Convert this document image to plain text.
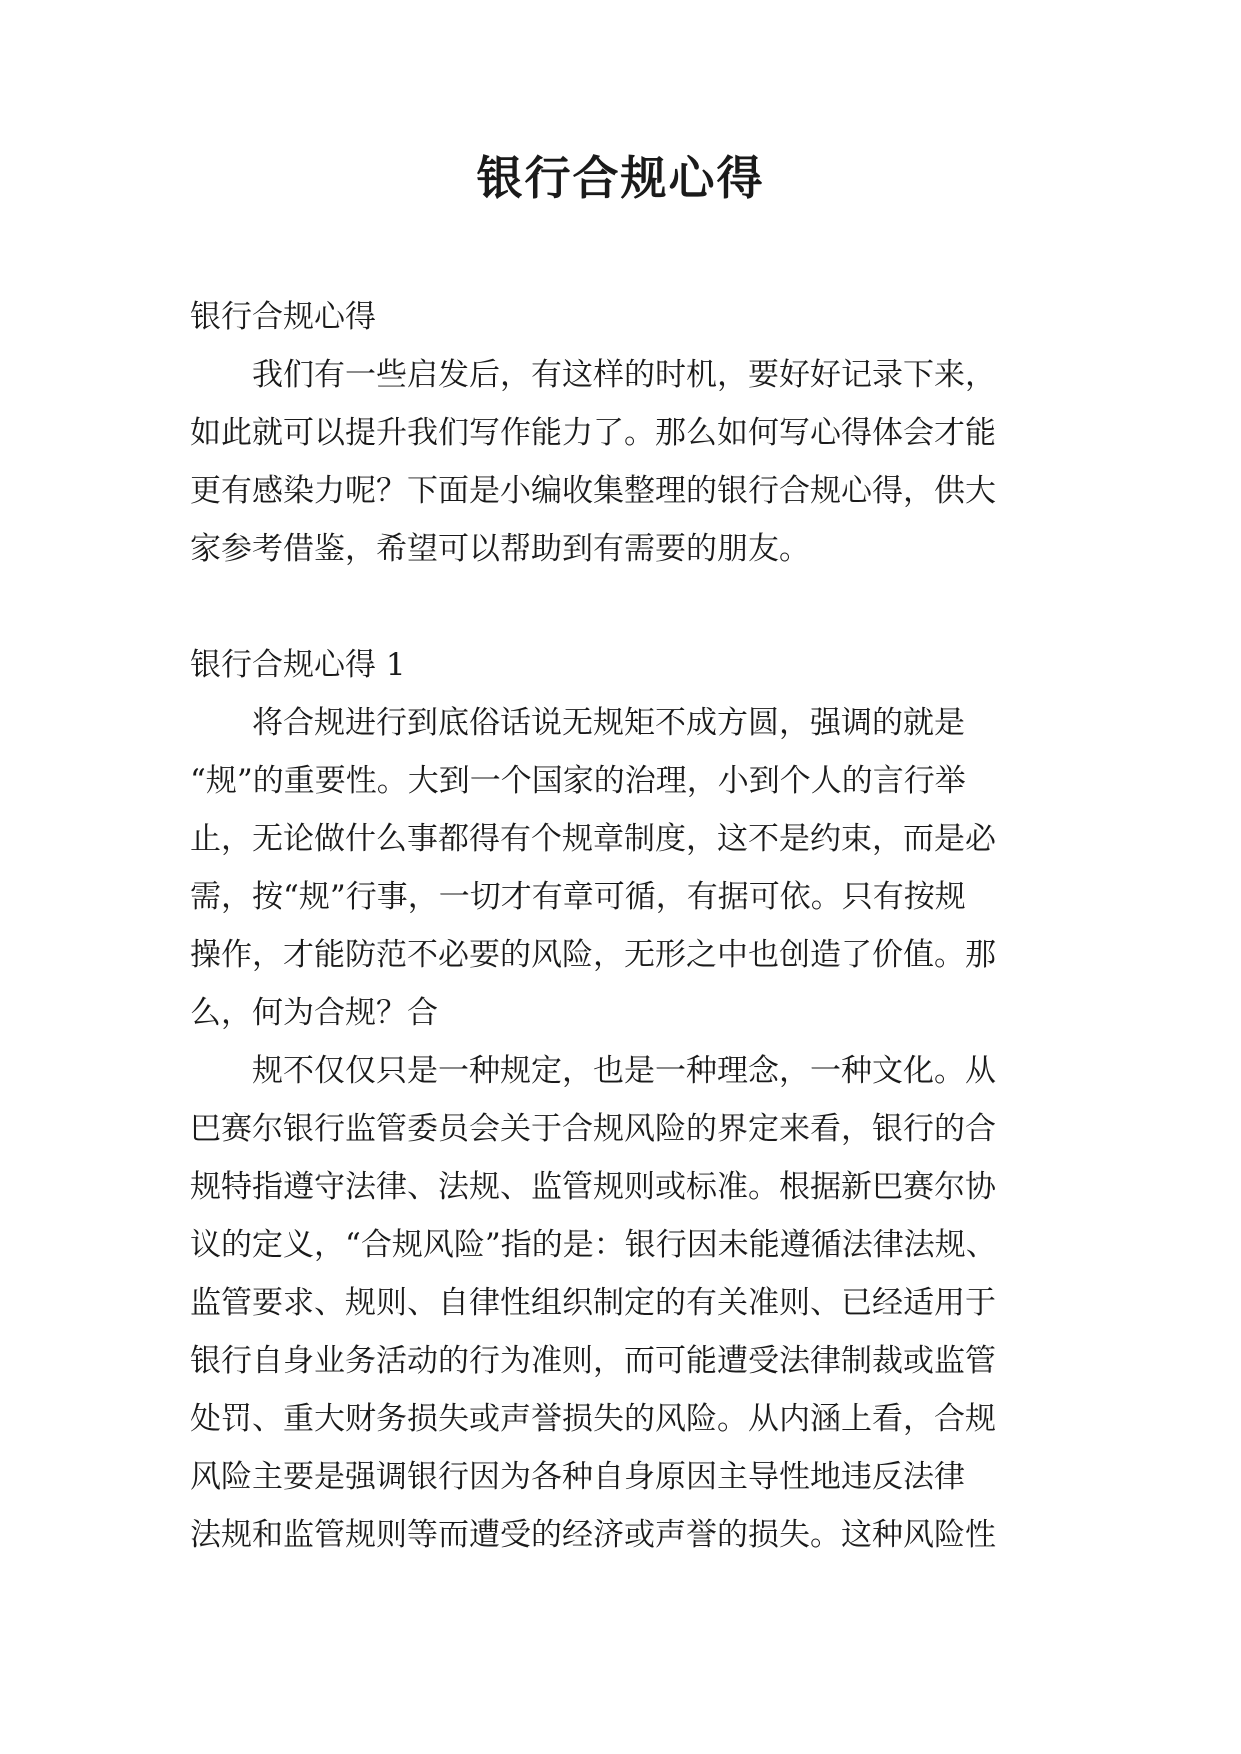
银行合规心得
银行合规心得
　　我们有一些启发后，有这样的时机，要好好记录下来，
如此就可以提升我们写作能力了。那么如何写心得体会才能
更有感染力呢？下面是小编收集整理的银行合规心得，供大
家参考借鉴，希望可以帮助到有需要的朋友。
银行合规心得 1
　　将合规进行到底俗话说无规矩不成方圆，强调的就是
“规”的重要性。大到一个国家的治理，小到个人的言行举
止，无论做什么事都得有个规章制度，这不是约束，而是必
需，按“规”行事，一切才有章可循，有据可依。只有按规
操作，才能防范不必要的风险，无形之中也创造了价值。那
么，何为合规？合
　　规不仅仅只是一种规定，也是一种理念，一种文化。从
巴赛尔银行监管委员会关于合规风险的界定来看，银行的合
规特指遵守法律、法规、监管规则或标准。根据新巴赛尔协
议的定义，“合规风险”指的是：银行因未能遵循法律法规、
监管要求、规则、自律性组织制定的有关准则、已经适用于
银行自身业务活动的行为准则，而可能遭受法律制裁或监管
处罚、重大财务损失或声誉损失的风险。从内涵上看，合规
风险主要是强调银行因为各种自身原因主导性地违反法律
法规和监管规则等而遭受的经济或声誉的损失。这种风险性
